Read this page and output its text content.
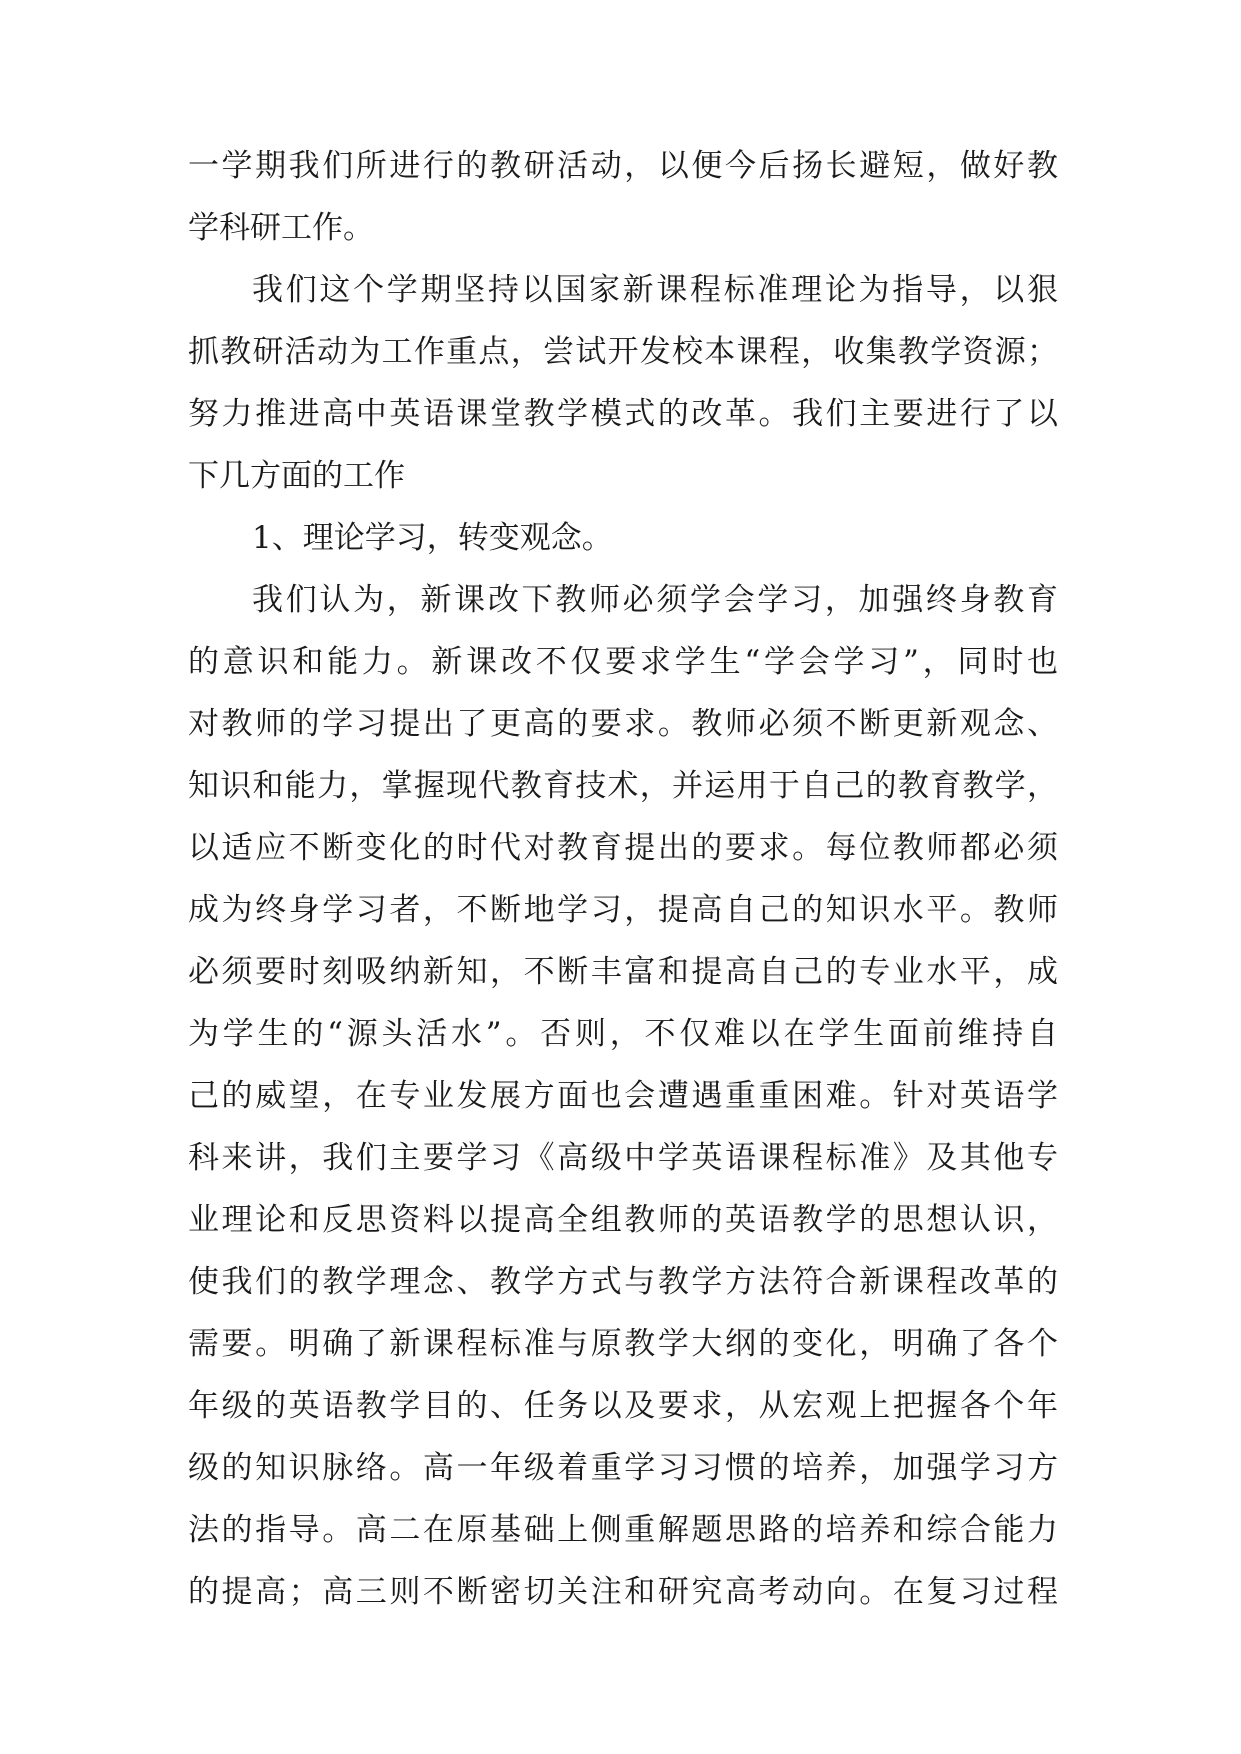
一学期我们所进行的教研活动，以便今后扬长避短，做好教

学科研工作。

我们这个学期坚持以国家新课程标准理论为指导，以狠

抓教研活动为工作重点，尝试开发校本课程，收集教学资源；

努力推进高中英语课堂教学模式的改革。我们主要进行了以

下几方面的工作

1、理论学习，转变观念。

我们认为，新课改下教师必须学会学习，加强终身教育

的意识和能力。新课改不仅要求学生“学会学习”，同时也

对教师的学习提出了更高的要求。教师必须不断更新观念、

知识和能力，掌握现代教育技术，并运用于自己的教育教学，

以适应不断变化的时代对教育提出的要求。每位教师都必须

成为终身学习者，不断地学习，提高自己的知识水平。教师

必须要时刻吸纳新知，不断丰富和提高自己的专业水平，成

为学生的“源头活水”。否则，不仅难以在学生面前维持自

己的威望，在专业发展方面也会遭遇重重困难。针对英语学

科来讲，我们主要学习《高级中学英语课程标准》及其他专

业理论和反思资料以提高全组教师的英语教学的思想认识，

使我们的教学理念、教学方式与教学方法符合新课程改革的

需要。明确了新课程标准与原教学大纲的变化，明确了各个

年级的英语教学目的、任务以及要求，从宏观上把握各个年

级的知识脉络。高一年级着重学习习惯的培养，加强学习方

法的指导。高二在原基础上侧重解题思路的培养和综合能力

的提高；高三则不断密切关注和研究高考动向。在复习过程
